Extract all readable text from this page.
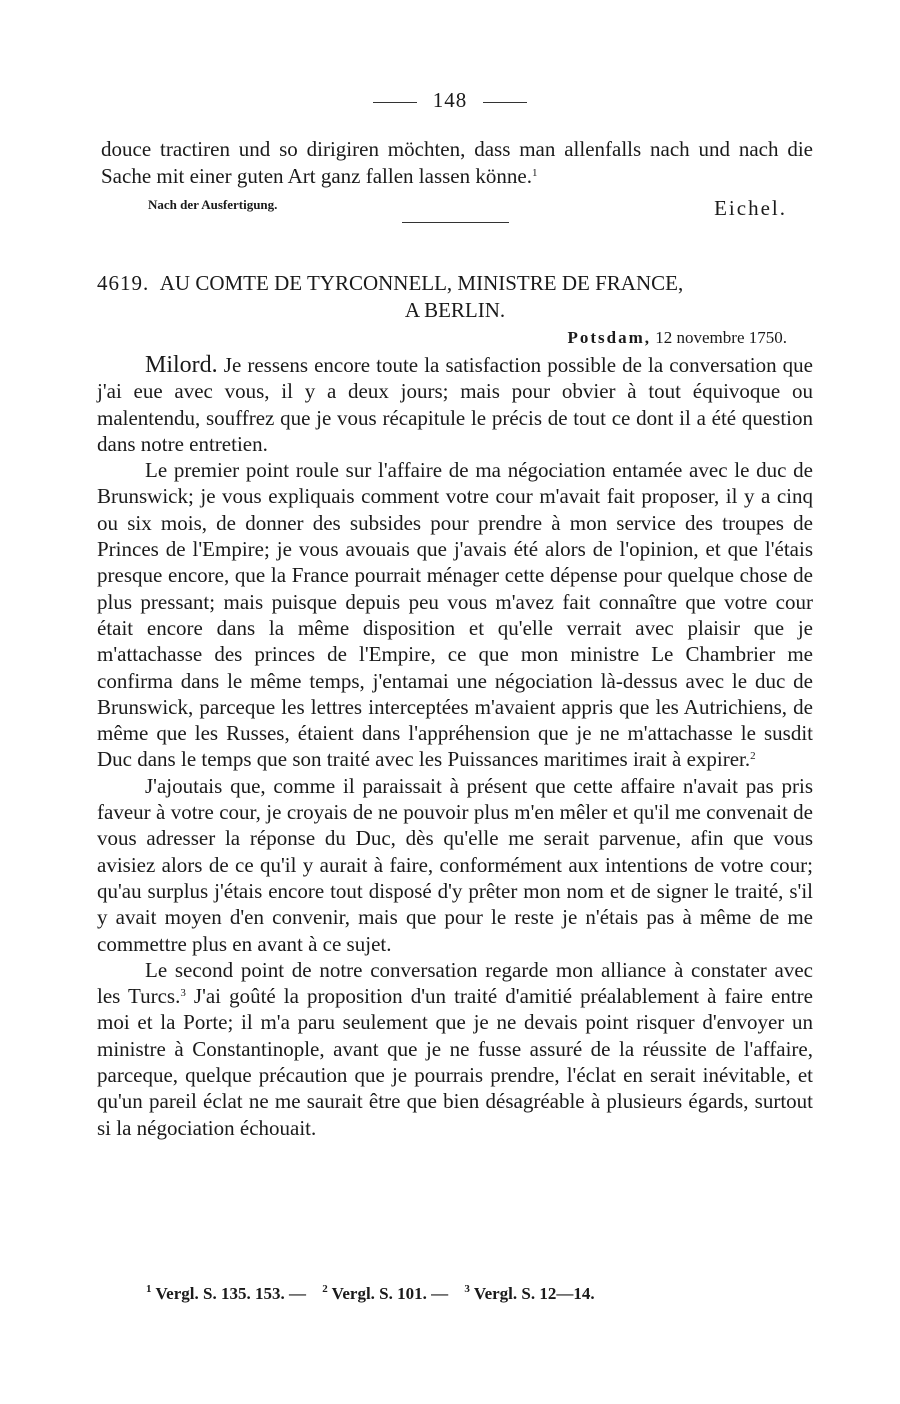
148

douce tractiren und so dirigiren möchten, dass man allenfalls nach und nach die Sache mit einer guten Art ganz fallen lassen könne.$^1$

Nach der Ausfertigung.	Eichel.
4619. AU COMTE DE TYRCONNELL, MINISTRE DE FRANCE,
A BERLIN.
Potsdam, 12 novembre 1750.

Milord. Je ressens encore toute la satisfaction possible de la conversation que j'ai eue avec vous, il y a deux jours; mais pour obvier à tout équivoque ou malentendu, souffrez que je vous récapitule le précis de tout ce dont il a été question dans notre entretien.

Le premier point roule sur l'affaire de ma négociation entamée avec le duc de Brunswick; je vous expliquais comment votre cour m'avait fait proposer, il y a cinq ou six mois, de donner des subsides pour prendre à mon service des troupes de Princes de l'Empire; je vous avouais que j'avais été alors de l'opinion, et que l'étais presque encore, que la France pourrait ménager cette dépense pour quelque chose de plus pressant; mais puisque depuis peu vous m'avez fait connaître que votre cour était encore dans la même disposition et qu'elle verrait avec plaisir que je m'attachasse des princes de l'Empire, ce que mon ministre Le Chambrier me confirma dans le même temps, j'entamai une négociation là-dessus avec le duc de Brunswick, parceque les lettres interceptées m'avaient appris que les Autrichiens, de même que les Russes, étaient dans l'appréhension que je ne m'attachasse le susdit Duc dans le temps que son traité avec les Puissances maritimes irait à expirer.$^2$

J'ajoutais que, comme il paraissait à présent que cette affaire n'avait pas pris faveur à votre cour, je croyais de ne pouvoir plus m'en mêler et qu'il me convenait de vous adresser la réponse du Duc, dès qu'elle me serait parvenue, afin que vous avisiez alors de ce qu'il y aurait à faire, conformément aux intentions de votre cour; qu'au surplus j'étais encore tout disposé d'y prêter mon nom et de signer le traité, s'il y avait moyen d'en convenir, mais que pour le reste je n'étais pas à même de me commettre plus en avant à ce sujet.

Le second point de notre conversation regarde mon alliance à constater avec les Turcs.$^3$ J'ai goûté la proposition d'un traité d'amitié préalablement à faire entre moi et la Porte; il m'a paru seulement que je ne devais point risquer d'envoyer un ministre à Constantinople, avant que je ne fusse assuré de la réussite de l'affaire, parceque, quelque précaution que je pourrais prendre, l'éclat en serait inévitable, et qu'un pareil éclat ne me saurait être que bien désagréable à plusieurs égards, surtout si la négociation échouait.

$^1$ Vergl. S. 135. 153. — $^2$ Vergl. S. 101. — $^3$ Vergl. S. 12—14.
